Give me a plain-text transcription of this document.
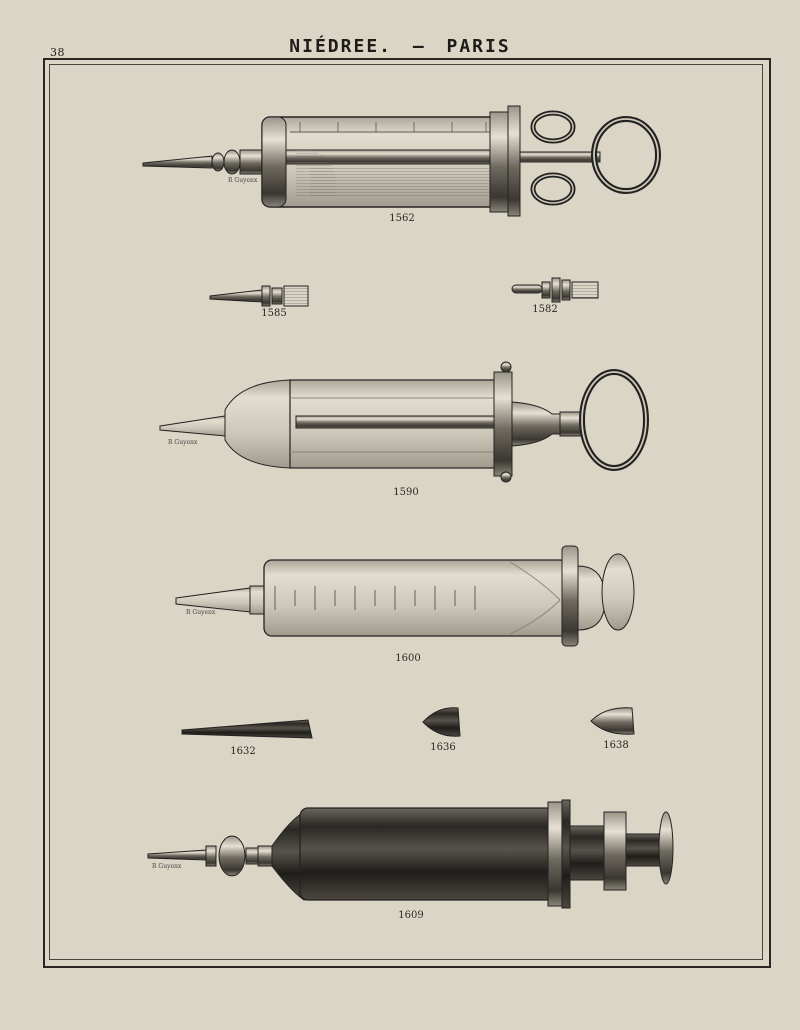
38	NIÉDREE. — PARIS
R Guyenx
R Guyenx
R Guyenx
R Guyenx
1562
1585	1582
1590
1600
1632	1636	1638
1609
